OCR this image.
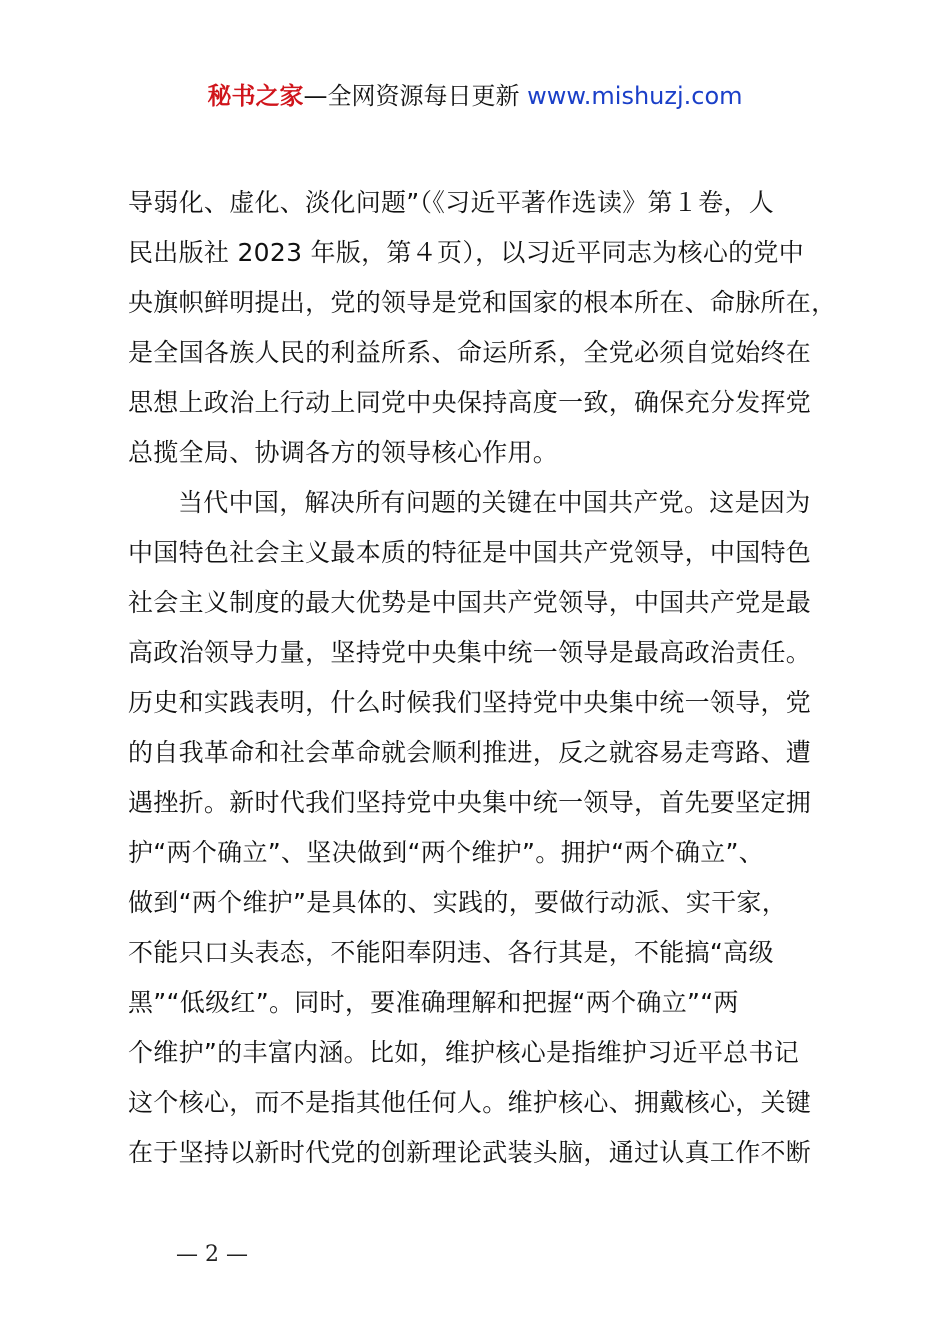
秘书之家—全网资源每日更新 www.mishuzj.com
导弱化、虚化、淡化问题”（《习近平著作选读》第１卷，人
民出版社 2023 年版，第４页），以习近平同志为核心的党中
央旗帜鲜明提出，党的领导是党和国家的根本所在、命脉所在，
是全国各族人民的利益所系、命运所系，全党必须自觉始终在
思想上政治上行动上同党中央保持高度一致，确保充分发挥党
总揽全局、协调各方的领导核心作用。
当代中国，解决所有问题的关键在中国共产党。这是因为
中国特色社会主义最本质的特征是中国共产党领导，中国特色
社会主义制度的最大优势是中国共产党领导，中国共产党是最
高政治领导力量，坚持党中央集中统一领导是最高政治责任。
历史和实践表明，什么时候我们坚持党中央集中统一领导，党
的自我革命和社会革命就会顺利推进，反之就容易走弯路、遭
遇挫折。新时代我们坚持党中央集中统一领导，首先要坚定拥
护“两个确立”、坚决做到“两个维护”。拥护“两个确立”、
做到“两个维护”是具体的、实践的，要做行动派、实干家，
不能只口头表态，不能阳奉阴违、各行其是，不能搞“高级
黑”“低级红”。同时，要准确理解和把握“两个确立”“两
个维护”的丰富内涵。比如，维护核心是指维护习近平总书记
这个核心，而不是指其他任何人。维护核心、拥戴核心，关键
在于坚持以新时代党的创新理论武装头脑，通过认真工作不断
— 2 —
